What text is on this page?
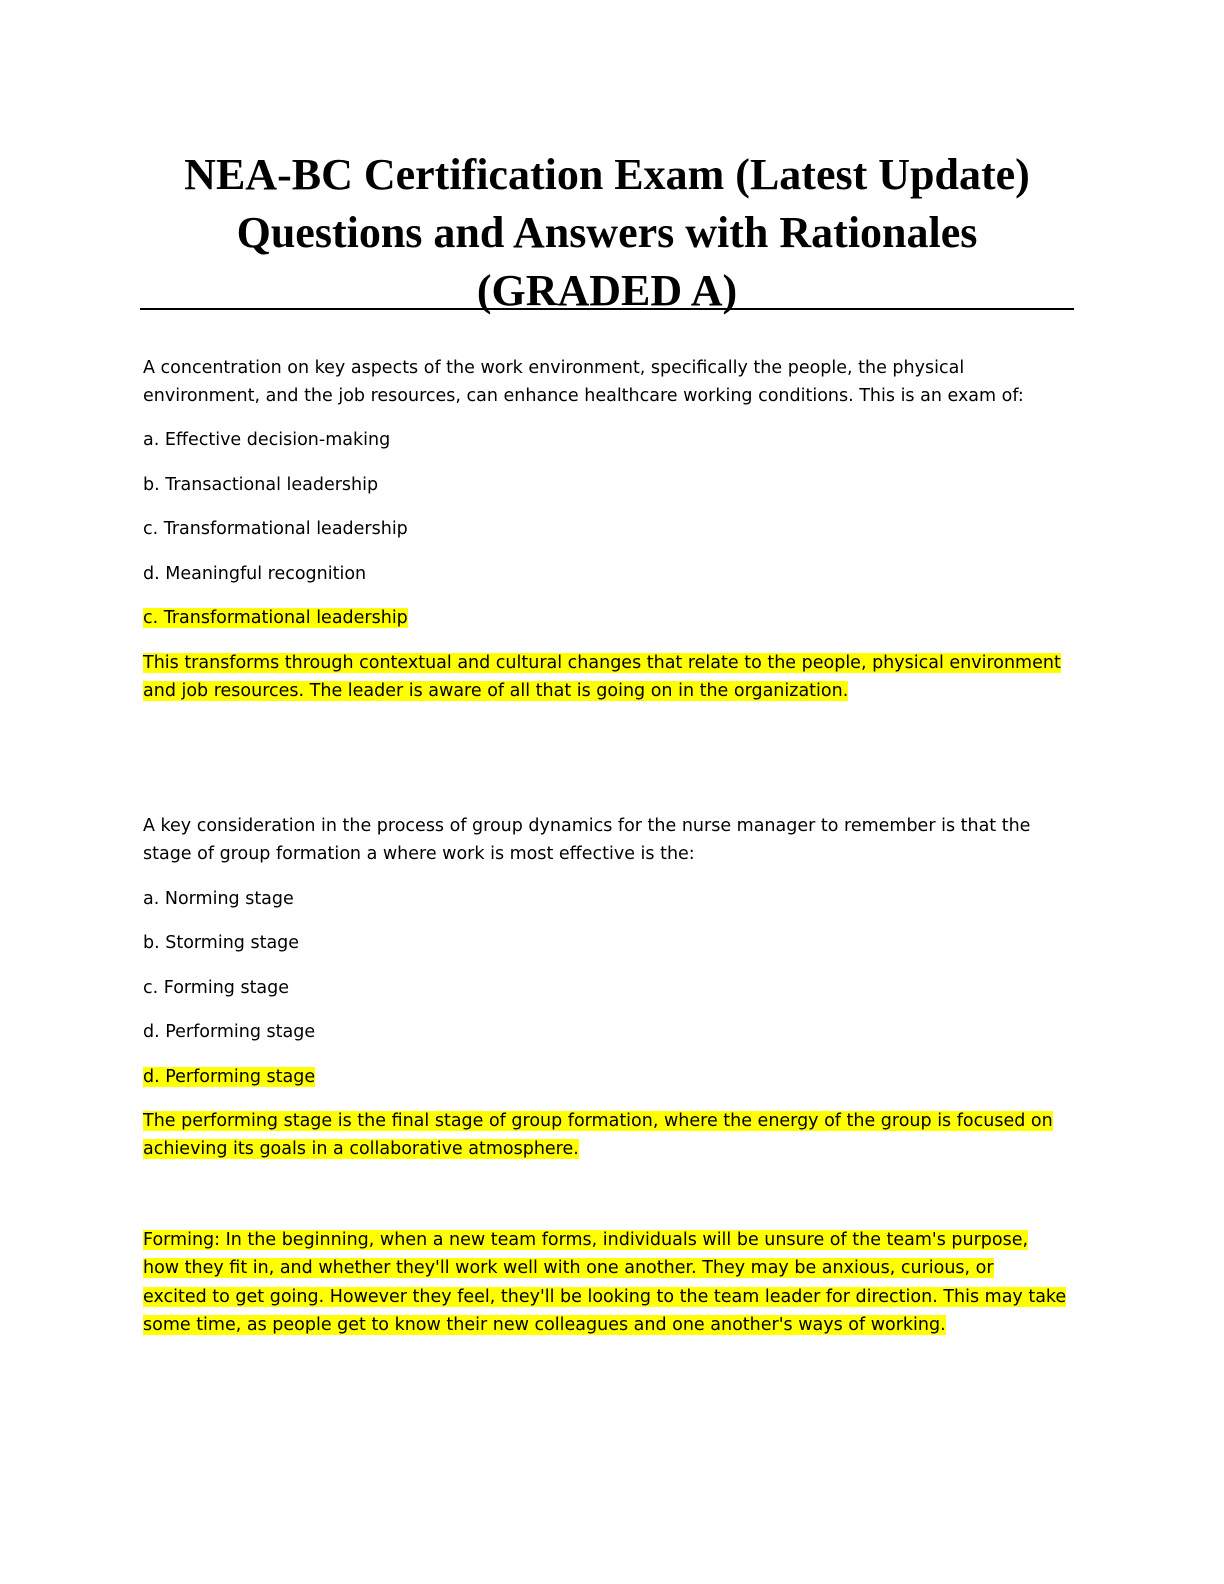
NEA-BC Certification Exam (Latest Update)
Questions and Answers with Rationales
(GRADED A)

A concentration on key aspects of the work environment, specifically the people, the physical

environment, and the job resources, can enhance healthcare working conditions. This is an exam of:

a. Effective decision-making

b. Transactional leadership

c. Transformational leadership

d. Meaningful recognition

c. Transformational leadership

This transforms through contextual and cultural changes that relate to the people, physical environment

and job resources. The leader is aware of all that is going on in the organization.

A key consideration in the process of group dynamics for the nurse manager to remember is that the

stage of group formation a where work is most effective is the:

a. Norming stage

b. Storming stage

c. Forming stage

d. Performing stage

d. Performing stage

The performing stage is the final stage of group formation, where the energy of the group is focused on

achieving its goals in a collaborative atmosphere.

Forming: In the beginning, when a new team forms, individuals will be unsure of the team's purpose,

how they fit in, and whether they'll work well with one another. They may be anxious, curious, or

excited to get going. However they feel, they'll be looking to the team leader for direction. This may take

some time, as people get to know their new colleagues and one another's ways of working.
